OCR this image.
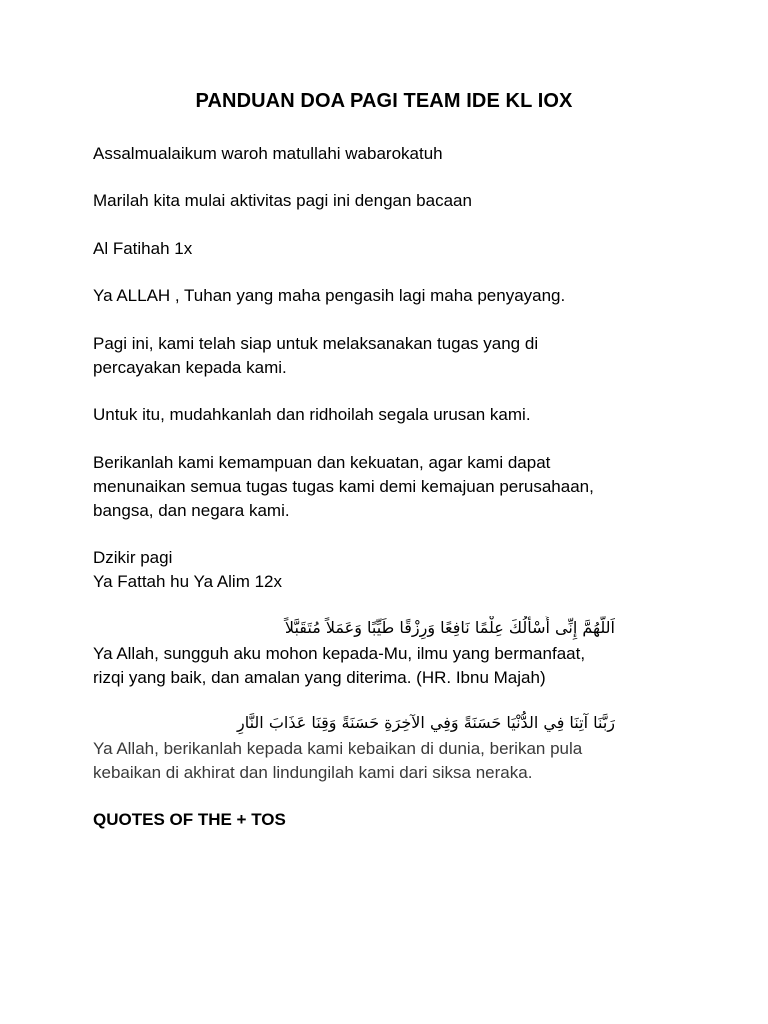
PANDUAN DOA PAGI TEAM IDE KL IOX
Assalmualaikum waroh matullahi wabarokatuh
Marilah kita mulai aktivitas pagi ini dengan bacaan
Al Fatihah 1x
Ya ALLAH , Tuhan yang maha pengasih lagi maha penyayang.
Pagi ini, kami telah siap untuk melaksanakan tugas yang di
percayakan kepada kami.
Untuk itu, mudahkanlah dan ridhoilah segala urusan kami.
Berikanlah kami kemampuan dan kekuatan, agar kami dapat
menunaikan semua tugas tugas kami demi kemajuan perusahaan,
bangsa, dan negara kami.
Dzikir pagi
Ya Fattah hu Ya Alim 12x
اَللَّهُمَّ إِنِّى أَسْأَلُكَ عِلْمًا نَافِعًا وَرِزْقًا طَيِّبًا وَعَمَلاً مُتَقَبَّلاً
Ya Allah, sungguh aku mohon kepada-Mu, ilmu yang bermanfaat,
rizqi yang baik, dan amalan yang diterima. (HR. Ibnu Majah)
رَبَّنَا آتِنَا فِي الدُّنْيَا حَسَنَةً وَفِي الآخِرَةِ حَسَنَةً وَقِنَا عَذَابَ النَّارِ
Ya Allah, berikanlah kepada kami kebaikan di dunia, berikan pula
kebaikan di akhirat dan lindungilah kami dari siksa neraka.
QUOTES OF THE + TOS
